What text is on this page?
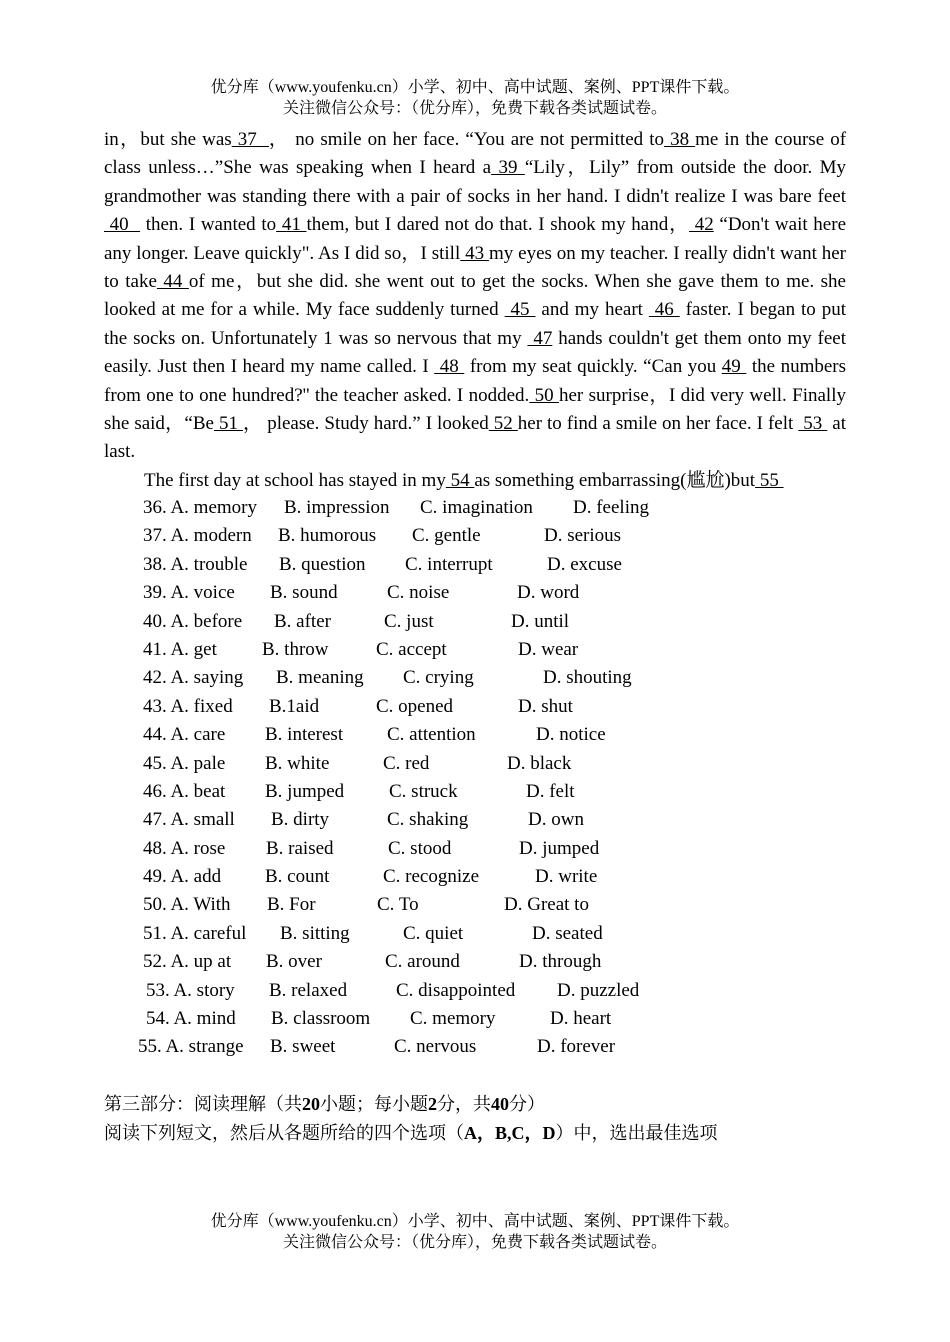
优分库（www.youfenku.cn）小学、初中、高中试题、案例、PPT课件下载。
关注微信公众号：（优分库），免费下载各类试题试卷。

in，but she was 37  ， no smile on her face. “You are not permitted to 38 me in the course of class unless…”She was speaking when I heard a 39 “Lily，Lily” from outside the door. My grandmother was standing there with a pair of socks in her hand. I didn't realize I was bare feet 40   then. I wanted to 41 them, but I dared not do that. I shook my hand， 42 “Don't wait here any longer. Leave quickly". As I did so，I still 43 my eyes on my teacher. I really didn't want her to take 44 of me，but she did. she went out to get the socks. When she gave them to me. she looked at me for a while. My face suddenly turned  45  and my heart  46  faster. I began to put the socks on. Unfortunately 1 was so nervous that my  47 hands couldn't get them onto my feet easily. Just then I heard my name called. I  48  from my seat quickly. “Can you 49  the numbers from one to one hundred?'' the teacher asked. I nodded. 50 her surprise，I did very well. Finally she said，“Be 51 ， please. Study hard.” I looked 52 her to find a smile on her face. I felt  53  at last.

The first day at school has stayed in my 54 as something embarrassing(尴尬)but 55

36. A. memory B. impression C. imagination D. feeling
37. A. modern B. humorous C. gentle	D. serious
38. A. trouble B. question C. interrupt	D. excuse
39. A. voice B. sound	C. noise	D. word
40. A. before B. after	C. just	D. until
41. A. get B. throw	C. accept	D. wear
42. A. saying B. meaning C. crying	D. shouting
43. A. fixed B.1aid	C. opened	D. shut
44. A. care B. interest C. attention	D. notice
45. A. pale B. white	C. red	D. black
46. A. beat B. jumped C. struck	D. felt
47. A. small B. dirty	C. shaking	D. own
48. A. rose B. raised	C. stood	D. jumped
49. A. add B. count	C. recognize	D. write
50. A. With B. For	C. To	D. Great to
51. A. careful B. sitting	C. quiet	D. seated
52. A. up at B. over	C. around	D. through
53. A. story B. relaxed	C. disappointed D. puzzled
54. A. mind B. classroom C. memory	D. heart
55. A. strange B. sweet	C. nervous	D. forever
第三部分：阅读理解（共20小题；每小题2分，共40分）
阅读下列短文，然后从各题所给的四个选项（A，B,C，D）中，选出最佳选项
优分库（www.youfenku.cn）小学、初中、高中试题、案例、PPT课件下载。
关注微信公众号：（优分库），免费下载各类试题试卷。
